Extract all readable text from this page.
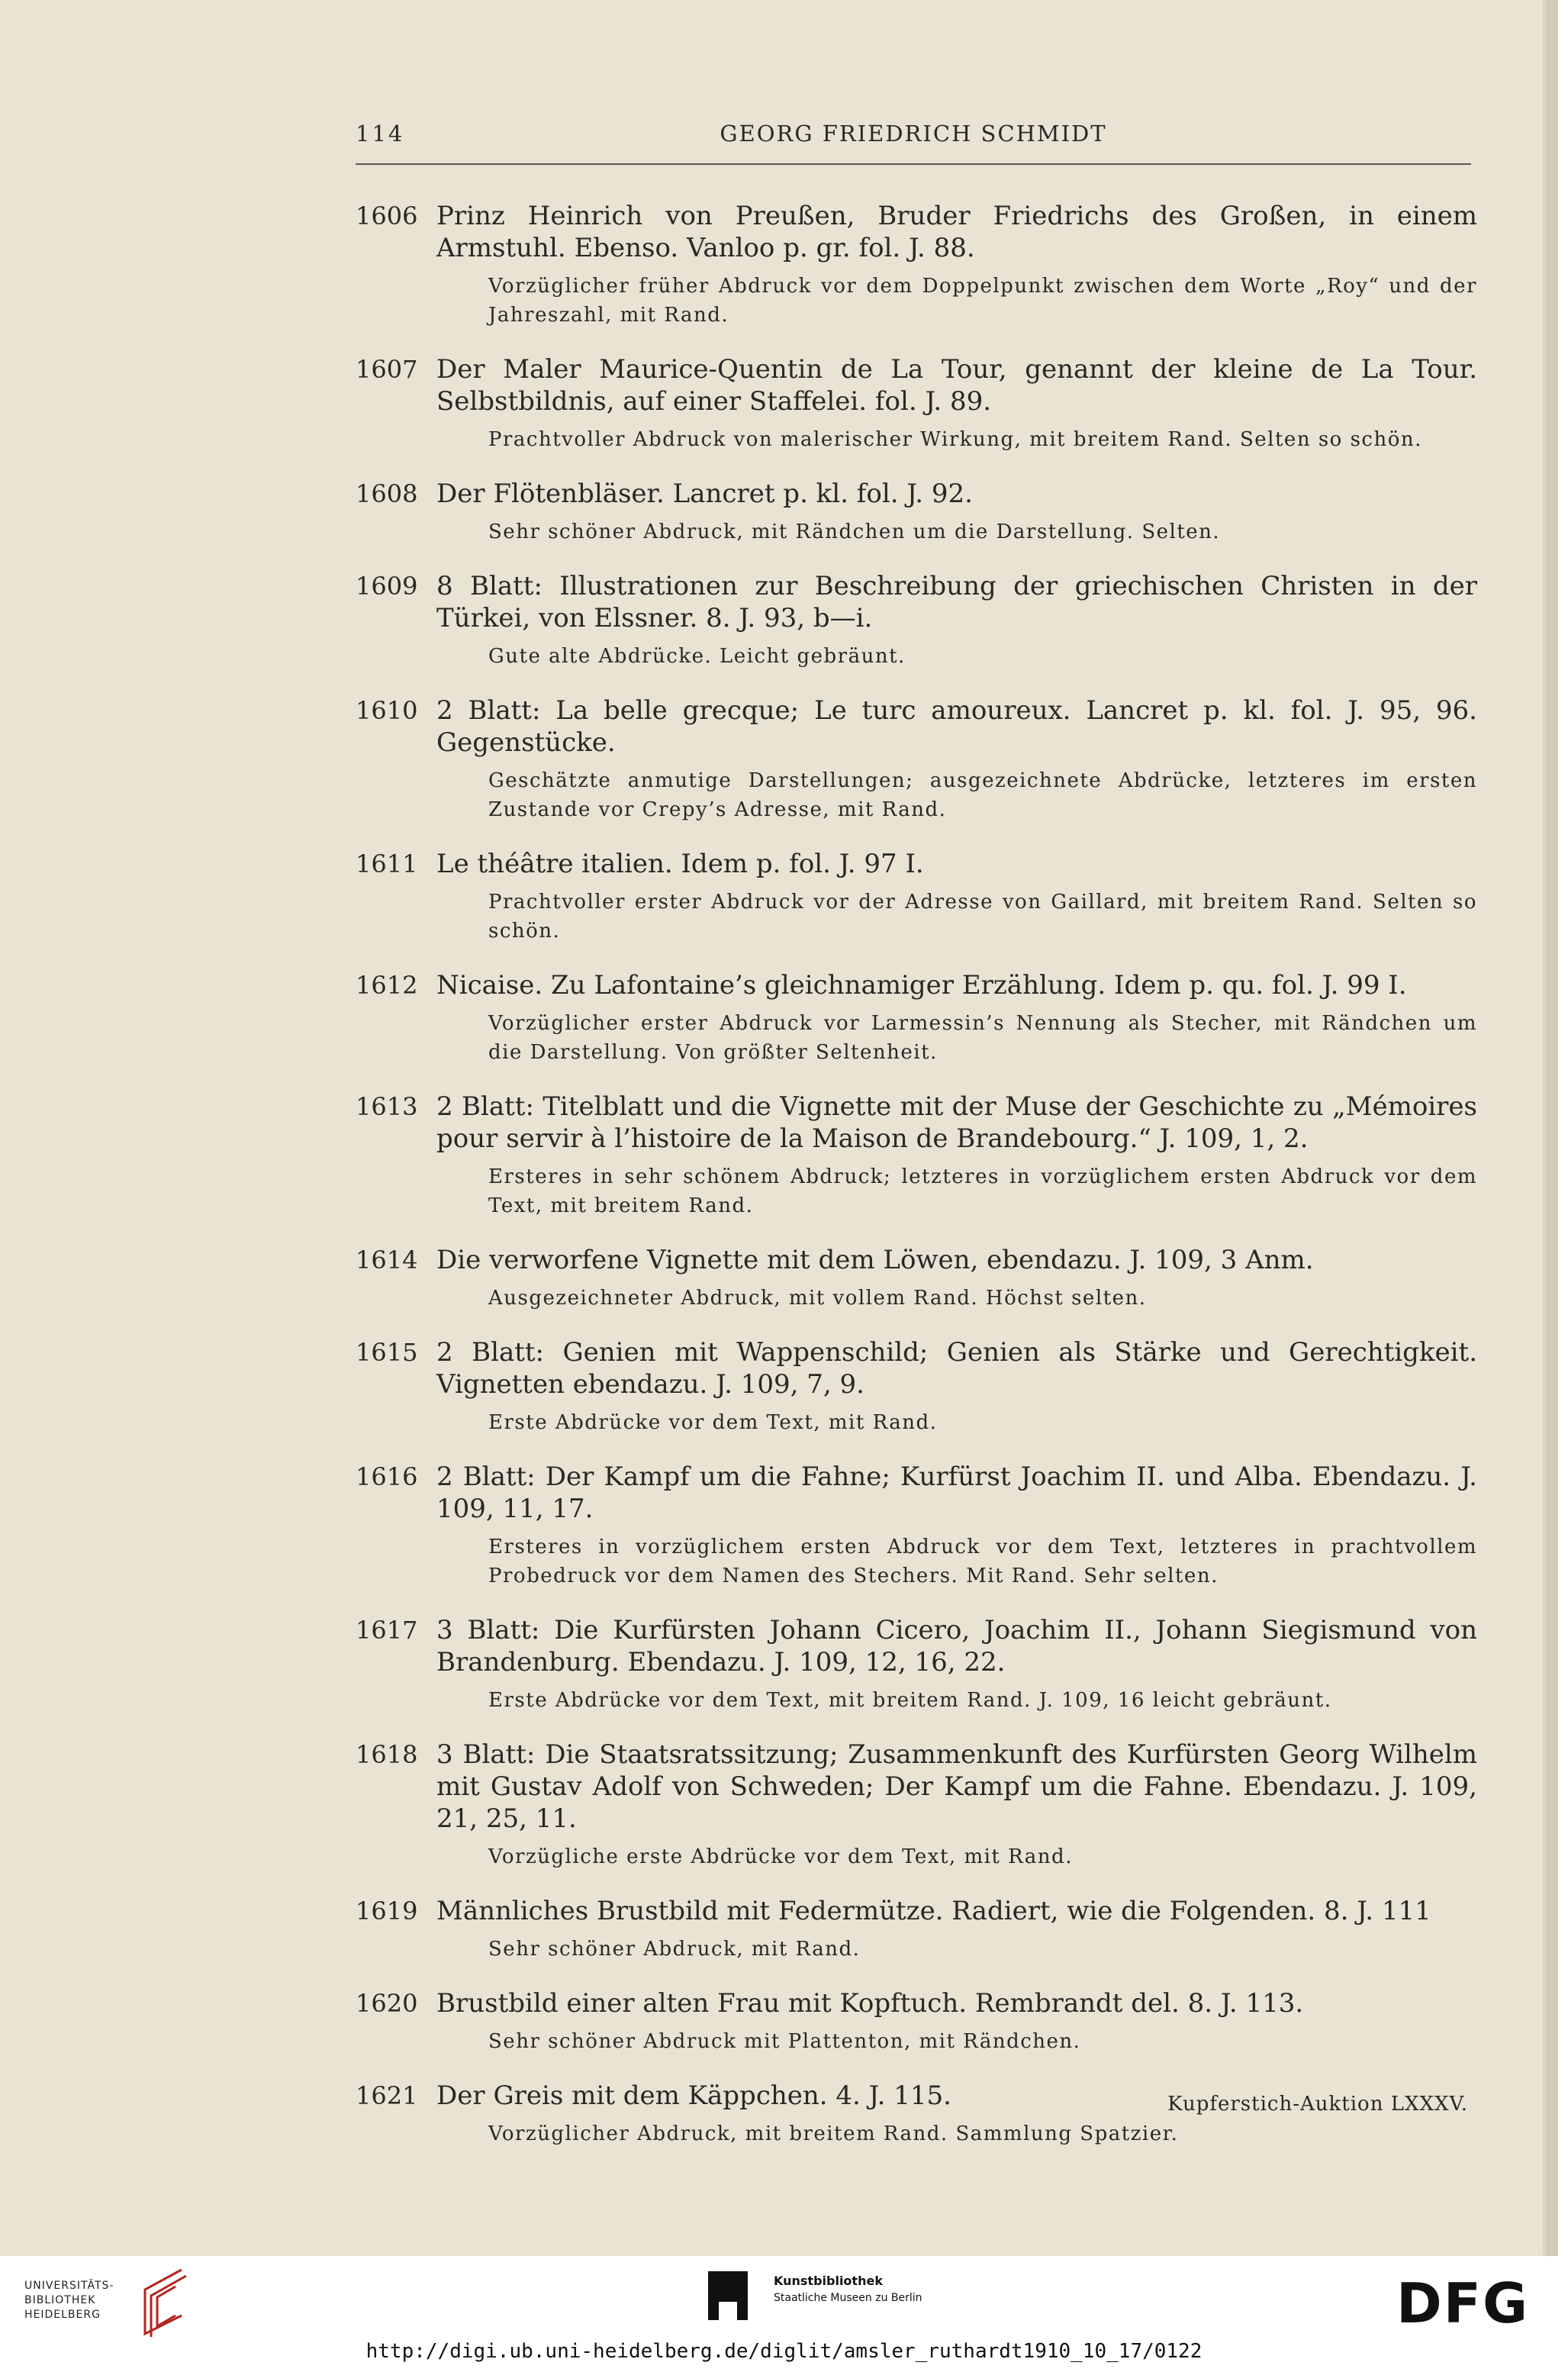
114	GEORG FRIEDRICH SCHMIDT
1606 Prinz Heinrich von Preußen, Bruder Friedrichs des Großen, in einem Armstuhl. Ebenso. Vanloo p. gr. fol. J. 88.
Vorzüglicher früher Abdruck vor dem Doppelpunkt zwischen dem Worte „Roy“ und der Jahreszahl, mit Rand.
1607 Der Maler Maurice-Quentin de La Tour, genannt der kleine de La Tour. Selbstbildnis, auf einer Staffelei. fol. J. 89.
Prachtvoller Abdruck von malerischer Wirkung, mit breitem Rand. Selten so schön.
1608 Der Flötenbläser. Lancret p. kl. fol. J. 92.
Sehr schöner Abdruck, mit Rändchen um die Darstellung. Selten.
1609 8 Blatt: Illustrationen zur Beschreibung der griechischen Christen in der Türkei, von Elssner. 8. J. 93, b—i.
Gute alte Abdrücke. Leicht gebräunt.
1610 2 Blatt: La belle grecque; Le turc amoureux. Lancret p. kl. fol. J. 95, 96. Gegenstücke.
Geschätzte anmutige Darstellungen; ausgezeichnete Abdrücke, letzteres im ersten Zustande vor Crepy’s Adresse, mit Rand.
1611 Le théâtre italien. Idem p. fol. J. 97 I.
Prachtvoller erster Abdruck vor der Adresse von Gaillard, mit breitem Rand. Selten so schön.
1612 Nicaise. Zu Lafontaine’s gleichnamiger Erzählung. Idem p. qu. fol. J. 99 I.
Vorzüglicher erster Abdruck vor Larmessin’s Nennung als Stecher, mit Rändchen um die Darstellung. Von größter Seltenheit.
1613 2 Blatt: Titelblatt und die Vignette mit der Muse der Geschichte zu „Mémoires pour servir à l’histoire de la Maison de Brandebourg.“ J. 109, 1, 2.
Ersteres in sehr schönem Abdruck; letzteres in vorzüglichem ersten Abdruck vor dem Text, mit breitem Rand.
1614 Die verworfene Vignette mit dem Löwen, ebendazu. J. 109, 3 Anm.
Ausgezeichneter Abdruck, mit vollem Rand. Höchst selten.
1615 2 Blatt: Genien mit Wappenschild; Genien als Stärke und Gerechtigkeit. Vignetten ebendazu. J. 109, 7, 9.
Erste Abdrücke vor dem Text, mit Rand.
1616 2 Blatt: Der Kampf um die Fahne; Kurfürst Joachim II. und Alba. Ebendazu. J. 109, 11, 17.
Ersteres in vorzüglichem ersten Abdruck vor dem Text, letzteres in prachtvollem Probedruck vor dem Namen des Stechers. Mit Rand. Sehr selten.
1617 3 Blatt: Die Kurfürsten Johann Cicero, Joachim II., Johann Siegismund von Brandenburg. Ebendazu. J. 109, 12, 16, 22.
Erste Abdrücke vor dem Text, mit breitem Rand. J. 109, 16 leicht gebräunt.
1618 3 Blatt: Die Staatsratssitzung; Zusammenkunft des Kurfürsten Georg Wilhelm mit Gustav Adolf von Schweden; Der Kampf um die Fahne. Ebendazu. J. 109, 21, 25, 11.
Vorzügliche erste Abdrücke vor dem Text, mit Rand.
1619 Männliches Brustbild mit Federmütze. Radiert, wie die Folgenden. 8. J. 111
Sehr schöner Abdruck, mit Rand.
1620 Brustbild einer alten Frau mit Kopftuch. Rembrandt del. 8. J. 113.
Sehr schöner Abdruck mit Plattenton, mit Rändchen.
1621 Der Greis mit dem Käppchen. 4. J. 115.
Vorzüglicher Abdruck, mit breitem Rand. Sammlung Spatzier.
Kupferstich-Auktion LXXXV.
UNIVERSITÄTS-
BIBLIOTHEK
HEIDELBERG
Kunstbibliothek
Staatliche Museen zu Berlin	DFG
http://digi.ub.uni-heidelberg.de/diglit/amsler_ruthardt1910_10_17/0122
